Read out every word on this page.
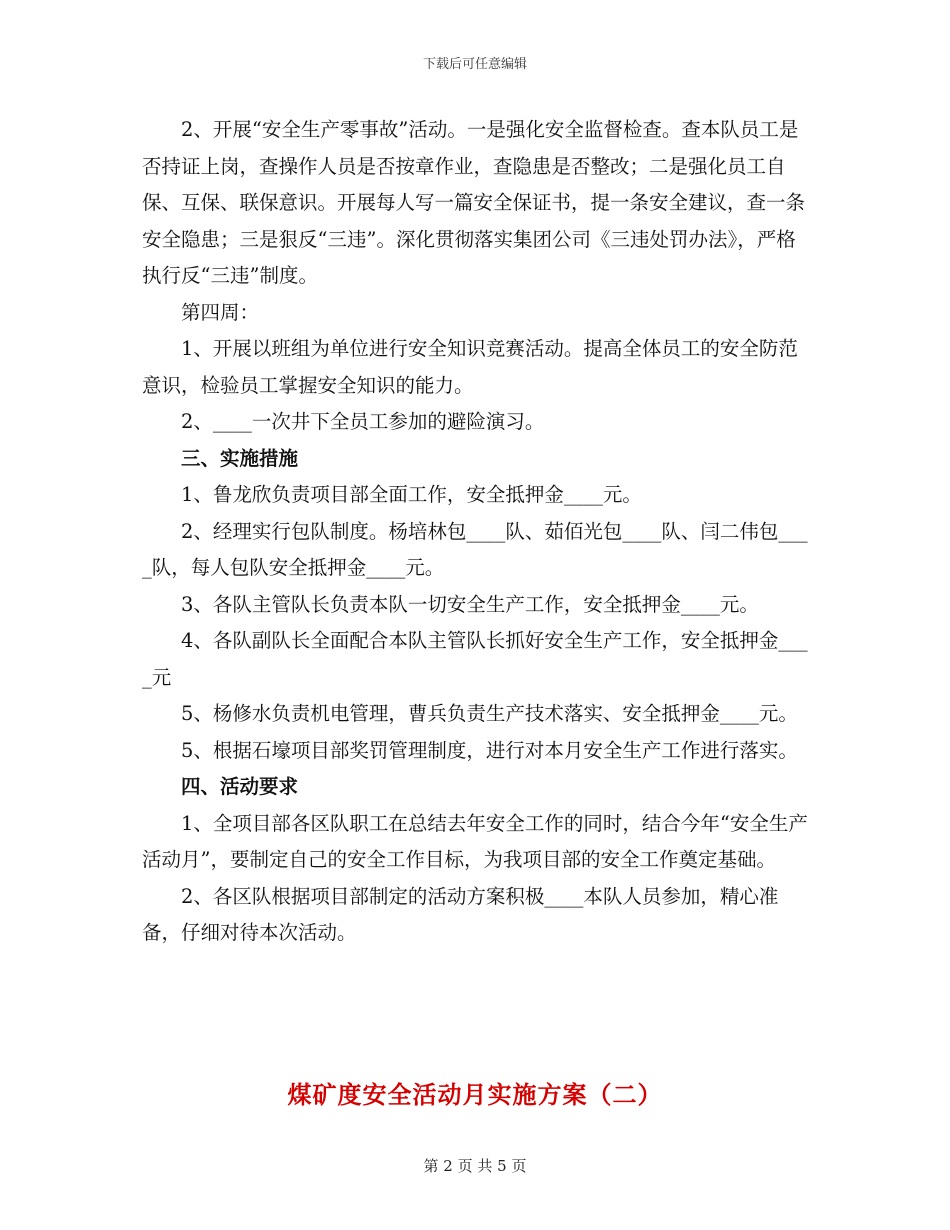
下载后可任意编辑

2、开展“安全生产零事故”活动。一是强化安全监督检查。查本队员工是否持证上岗，查操作人员是否按章作业，查隐患是否整改；二是强化员工自保、互保、联保意识。开展每人写一篇安全保证书，提一条安全建议，查一条安全隐患；三是狠反“三违”。深化贯彻落实集团公司《三违处罚办法》，严格执行反“三违”制度。

第四周：

1、开展以班组为单位进行安全知识竞赛活动。提高全体员工的安全防范意识，检验员工掌握安全知识的能力。

2、____一次井下全员工参加的避险演习。

三、实施措施

1、鲁龙欣负责项目部全面工作，安全抵押金____元。

2、经理实行包队制度。杨培林包____队、茹佰光包____队、闫二伟包____队，每人包队安全抵押金____元。

3、各队主管队长负责本队一切安全生产工作，安全抵押金____元。

4、各队副队长全面配合本队主管队长抓好安全生产工作，安全抵押金____元

5、杨修水负责机电管理，曹兵负责生产技术落实、安全抵押金____元。

5、根据石壕项目部奖罚管理制度，进行对本月安全生产工作进行落实。

四、活动要求

1、全项目部各区队职工在总结去年安全工作的同时，结合今年“安全生产活动月”，要制定自己的安全工作目标，为我项目部的安全工作奠定基础。

2、各区队根据项目部制定的活动方案积极____本队人员参加，精心准备，仔细对待本次活动。

煤矿度安全活动月实施方案（二）
第 2 页 共 5 页
